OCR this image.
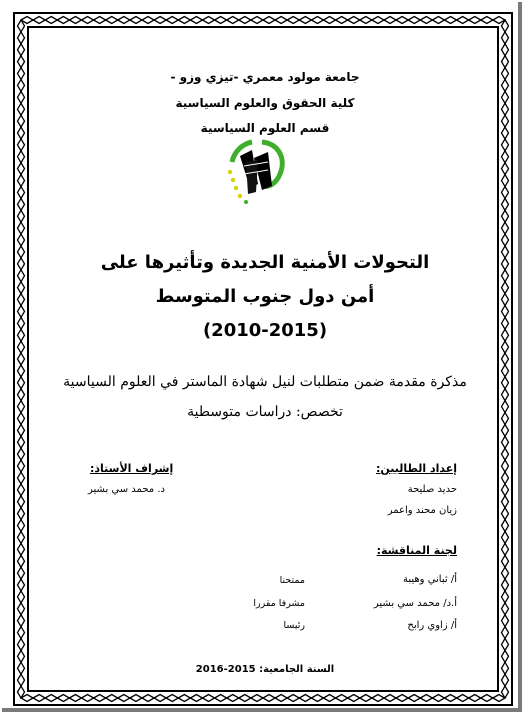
جامعة مولود معمري -تيزي وزو -
كلية الحقوق والعلوم السياسية
قسم العلوم السياسية
التحولات الأمنية الجديدة وتأثيرها على
أمن دول جنوب المتوسط
(2010-2015)
مذكرة مقدمة ضمن متطلبات لنيل شهادة الماستر في العلوم السياسية
تخصص: دراسات متوسطية
إعداد الطالبين:
حديد صليحة
زيان محند واعمر
إشراف الأستاذ:
د. محمد سي بشير
لجنة المناقشة:
أ/ ثباني وهيبة
أ.د/ محمد سي بشير
أ/ زاوي رابح
ممتحنا
مشرفا مقررا
رئيسا
السنة الجامعية: 2015-2016
